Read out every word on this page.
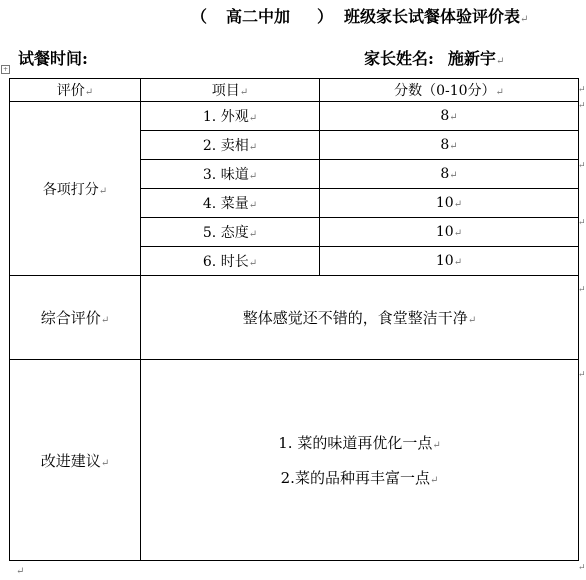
（ 高二中加 ） 班级家长试餐体验评价表↵
试餐时间:	家长姓名: 施新宇↵
+
评价↵	项目↵	分数（0-10分）↵
各项打分↵	1. 外观↵	8↵
	2. 卖相↵	8↵
	3. 味道↵	8↵
	4. 菜量↵	10↵
	5. 态度↵	10↵
	6. 时长↵	10↵
综合评价↵	整体感觉还不错的，食堂整洁干净↵	
改进建议↵	1. 菜的味道再优化一点↵
2.菜的品种再丰富一点↵	
↵
↵
↵
↵
↵
↵
↵
↵
